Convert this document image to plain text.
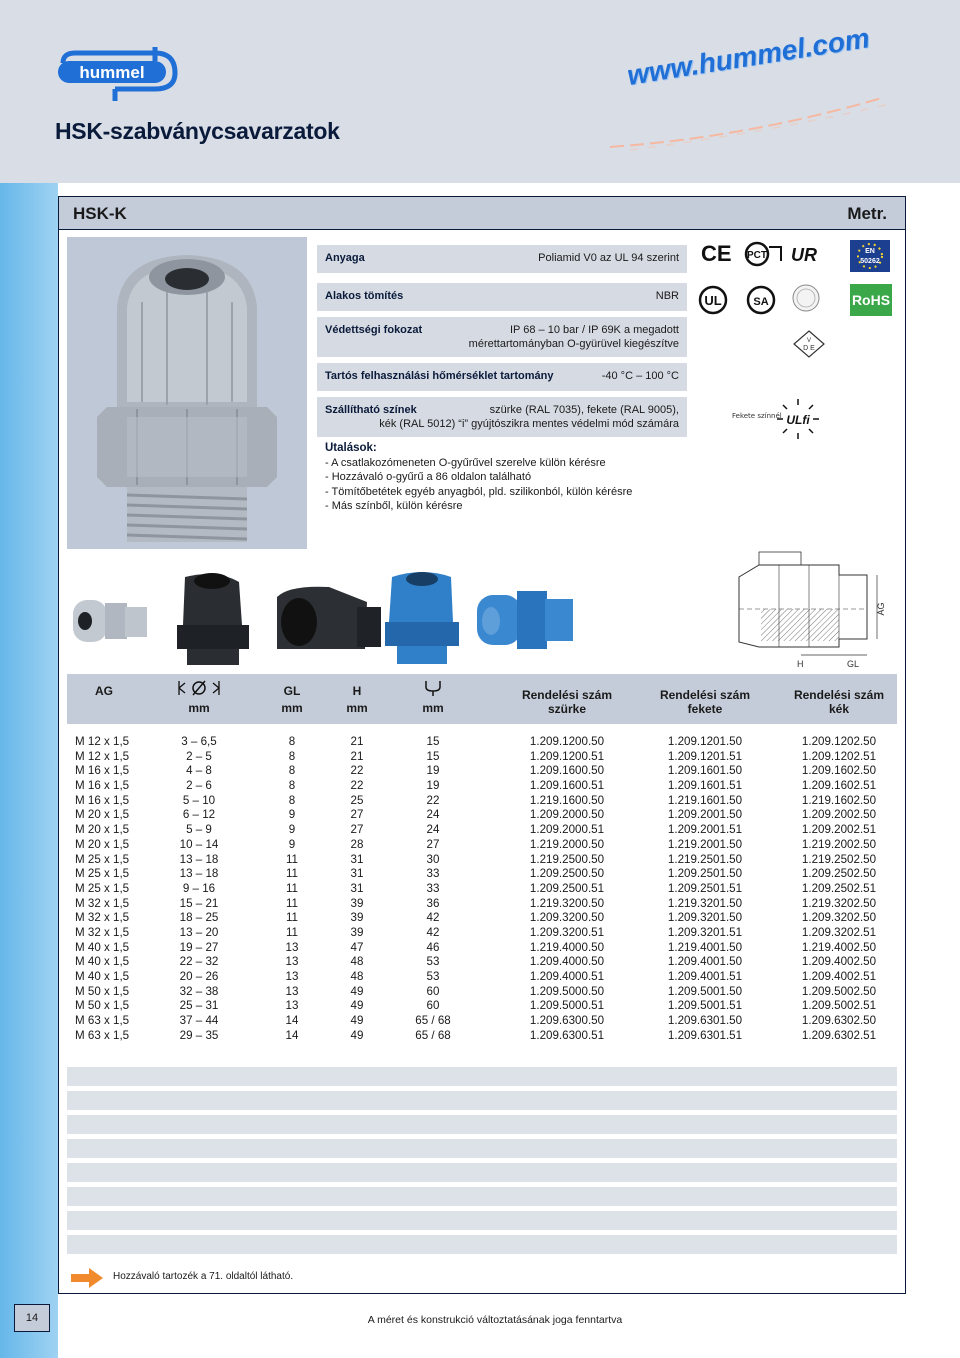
hummel
HSK-szabványcsavarzatok
www.hummel.com
HSK-K	Metr.
Anyaga	Poliamid V0 az UL 94 szerint
Alakos tömítés	NBR
Védettségi fokozat	IP 68 – 10 bar / IP 69K a megadott
mérettartományban O-gyürüvel kiegészítve
Tartós felhasználási hőmérséklet tartomány	-40 °C – 100 °C
Szállítható színek	szürke (RAL 7035), fekete (RAL 9005),
kék (RAL 5012) “i” gyújtószikra mentes védelmi mód számára
Utalások:
- A csatlakozómeneten O-gyűrűvel szerelve külön kérésre
- Hozzávaló o-gyűrű a 86 oldalon található
- Tömítőbetétek egyéb anyagból, pld. szilikonból, külön kérésre
- Más színből, külön kérésre
CE PCT UR	EN
50262
UL	SA	RoHS
V
D E
Fekete színnél ULfi
AG
H	GL
AG
mm
GL
mm
H
mm	mm
Rendelési szám
szürke
Rendelési szám
fekete
Rendelési szám
kék
M 12 x 1,5	3 – 6,5	8	21	15	1.209.1200.50	1.209.1201.50	1.209.1202.50
M 12 x 1,5	2 – 5	8	21	15	1.209.1200.51	1.209.1201.51	1.209.1202.51
M 16 x 1,5	4 – 8	8	22	19	1.209.1600.50	1.209.1601.50	1.209.1602.50
M 16 x 1,5	2 – 6	8	22	19	1.209.1600.51	1.209.1601.51	1.209.1602.51
M 16 x 1,5	5 – 10	8	25	22	1.219.1600.50	1.219.1601.50	1.219.1602.50
M 20 x 1,5	6 – 12	9	27	24	1.209.2000.50	1.209.2001.50	1.209.2002.50
M 20 x 1,5	5 – 9	9	27	24	1.209.2000.51	1.209.2001.51	1.209.2002.51
M 20 x 1,5	10 – 14	9	28	27	1.219.2000.50	1.219.2001.50	1.219.2002.50
M 25 x 1,5	13 – 18	11	31	30	1.219.2500.50	1.219.2501.50	1.219.2502.50
M 25 x 1,5	13 – 18	11	31	33	1.209.2500.50	1.209.2501.50	1.209.2502.50
M 25 x 1,5	9 – 16	11	31	33	1.209.2500.51	1.209.2501.51	1.209.2502.51
M 32 x 1,5	15 – 21	11	39	36	1.219.3200.50	1.219.3201.50	1.219.3202.50
M 32 x 1,5	18 – 25	11	39	42	1.209.3200.50	1.209.3201.50	1.209.3202.50
M 32 x 1,5	13 – 20	11	39	42	1.209.3200.51	1.209.3201.51	1.209.3202.51
M 40 x 1,5	19 – 27	13	47	46	1.219.4000.50	1.219.4001.50	1.219.4002.50
M 40 x 1,5	22 – 32	13	48	53	1.209.4000.50	1.209.4001.50	1.209.4002.50
M 40 x 1,5	20 – 26	13	48	53	1.209.4000.51	1.209.4001.51	1.209.4002.51
M 50 x 1,5	32 – 38	13	49	60	1.209.5000.50	1.209.5001.50	1.209.5002.50
M 50 x 1,5	25 – 31	13	49	60	1.209.5000.51	1.209.5001.51	1.209.5002.51
M 63 x 1,5	37 – 44	14	49	65 / 68	1.209.6300.50	1.209.6301.50	1.209.6302.50
M 63 x 1,5	29 – 35	14	49	65 / 68	1.209.6300.51	1.209.6301.51	1.209.6302.51
Hozzávaló tartozék a 71. oldaltól látható.
14	A méret és konstrukció változtatásának joga fenntartva
